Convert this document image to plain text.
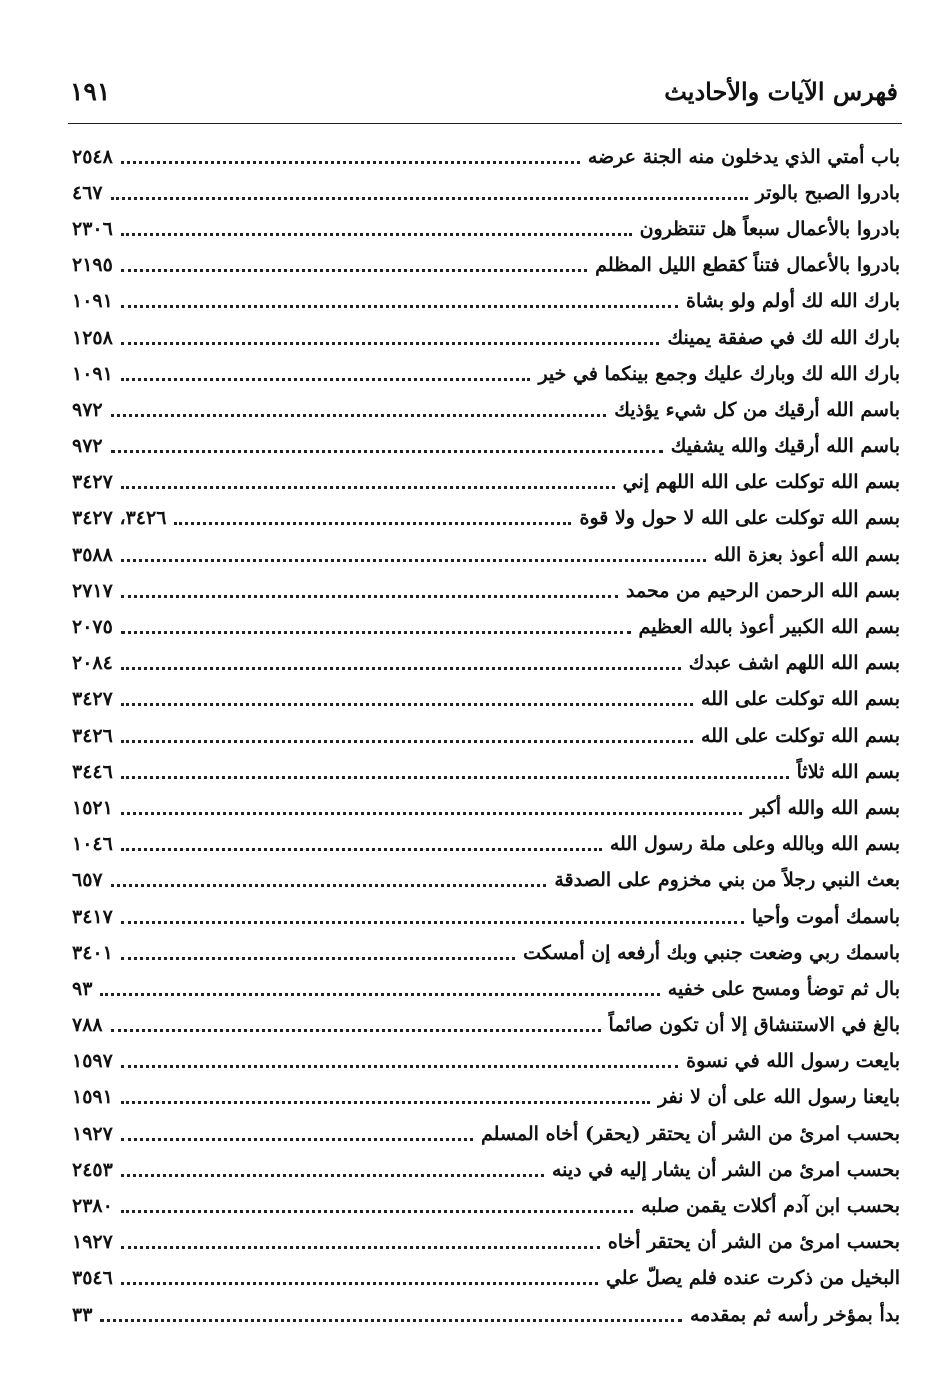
فهرس الآيات والأحاديث
١٩١
باب أمتي الذي يدخلون منه الجنة عرضه
٢٥٤٨
بادروا الصبح بالوتر
٤٦٧
بادروا بالأعمال سبعاً هل تنتظرون
٢٣٠٦
بادروا بالأعمال فتناً كقطع الليل المظلم
٢١٩٥
بارك الله لك أولم ولو بشاة
١٠٩١
بارك الله لك في صفقة يمينك
١٢٥٨
بارك الله لك وبارك عليك وجمع بينكما في خير
١٠٩١
باسم الله أرقيك من كل شيء يؤذيك
٩٧٢
باسم الله أرقيك والله يشفيك
٩٧٢
بسم الله توكلت على الله اللهم إني
٣٤٢٧
بسم الله توكلت على الله لا حول ولا قوة
٣٤٢٦، ٣٤٢٧
بسم الله أعوذ بعزة الله
٣٥٨٨
بسم الله الرحمن الرحيم من محمد
٢٧١٧
بسم الله الكبير أعوذ بالله العظيم
٢٠٧٥
بسم الله اللهم اشف عبدك
٢٠٨٤
بسم الله توكلت على الله
٣٤٢٧
بسم الله توكلت على الله
٣٤٢٦
بسم الله ثلاثاً
٣٤٤٦
بسم الله والله أكبر
١٥٢١
بسم الله وبالله وعلى ملة رسول الله
١٠٤٦
بعث النبي رجلاً من بني مخزوم على الصدقة
٦٥٧
باسمك أموت وأحيا
٣٤١٧
باسمك ربي وضعت جنبي وبك أرفعه إن أمسكت
٣٤٠١
بال ثم توضأ ومسح على خفيه
٩٣
بالغ في الاستنشاق إلا أن تكون صائماً
٧٨٨
بايعت رسول الله في نسوة
١٥٩٧
بايعنا رسول الله على أن لا نفر
١٥٩١
بحسب امرئ من الشر أن يحتقر (يحقر) أخاه المسلم
١٩٢٧
بحسب امرئ من الشر أن يشار إليه في دينه
٢٤٥٣
بحسب ابن آدم أكلات يقمن صلبه
٢٣٨٠
بحسب امرئ من الشر أن يحتقر أخاه
١٩٢٧
البخيل من ذكرت عنده فلم يصلّ علي
٣٥٤٦
بدأ بمؤخر رأسه ثم بمقدمه
٣٣
